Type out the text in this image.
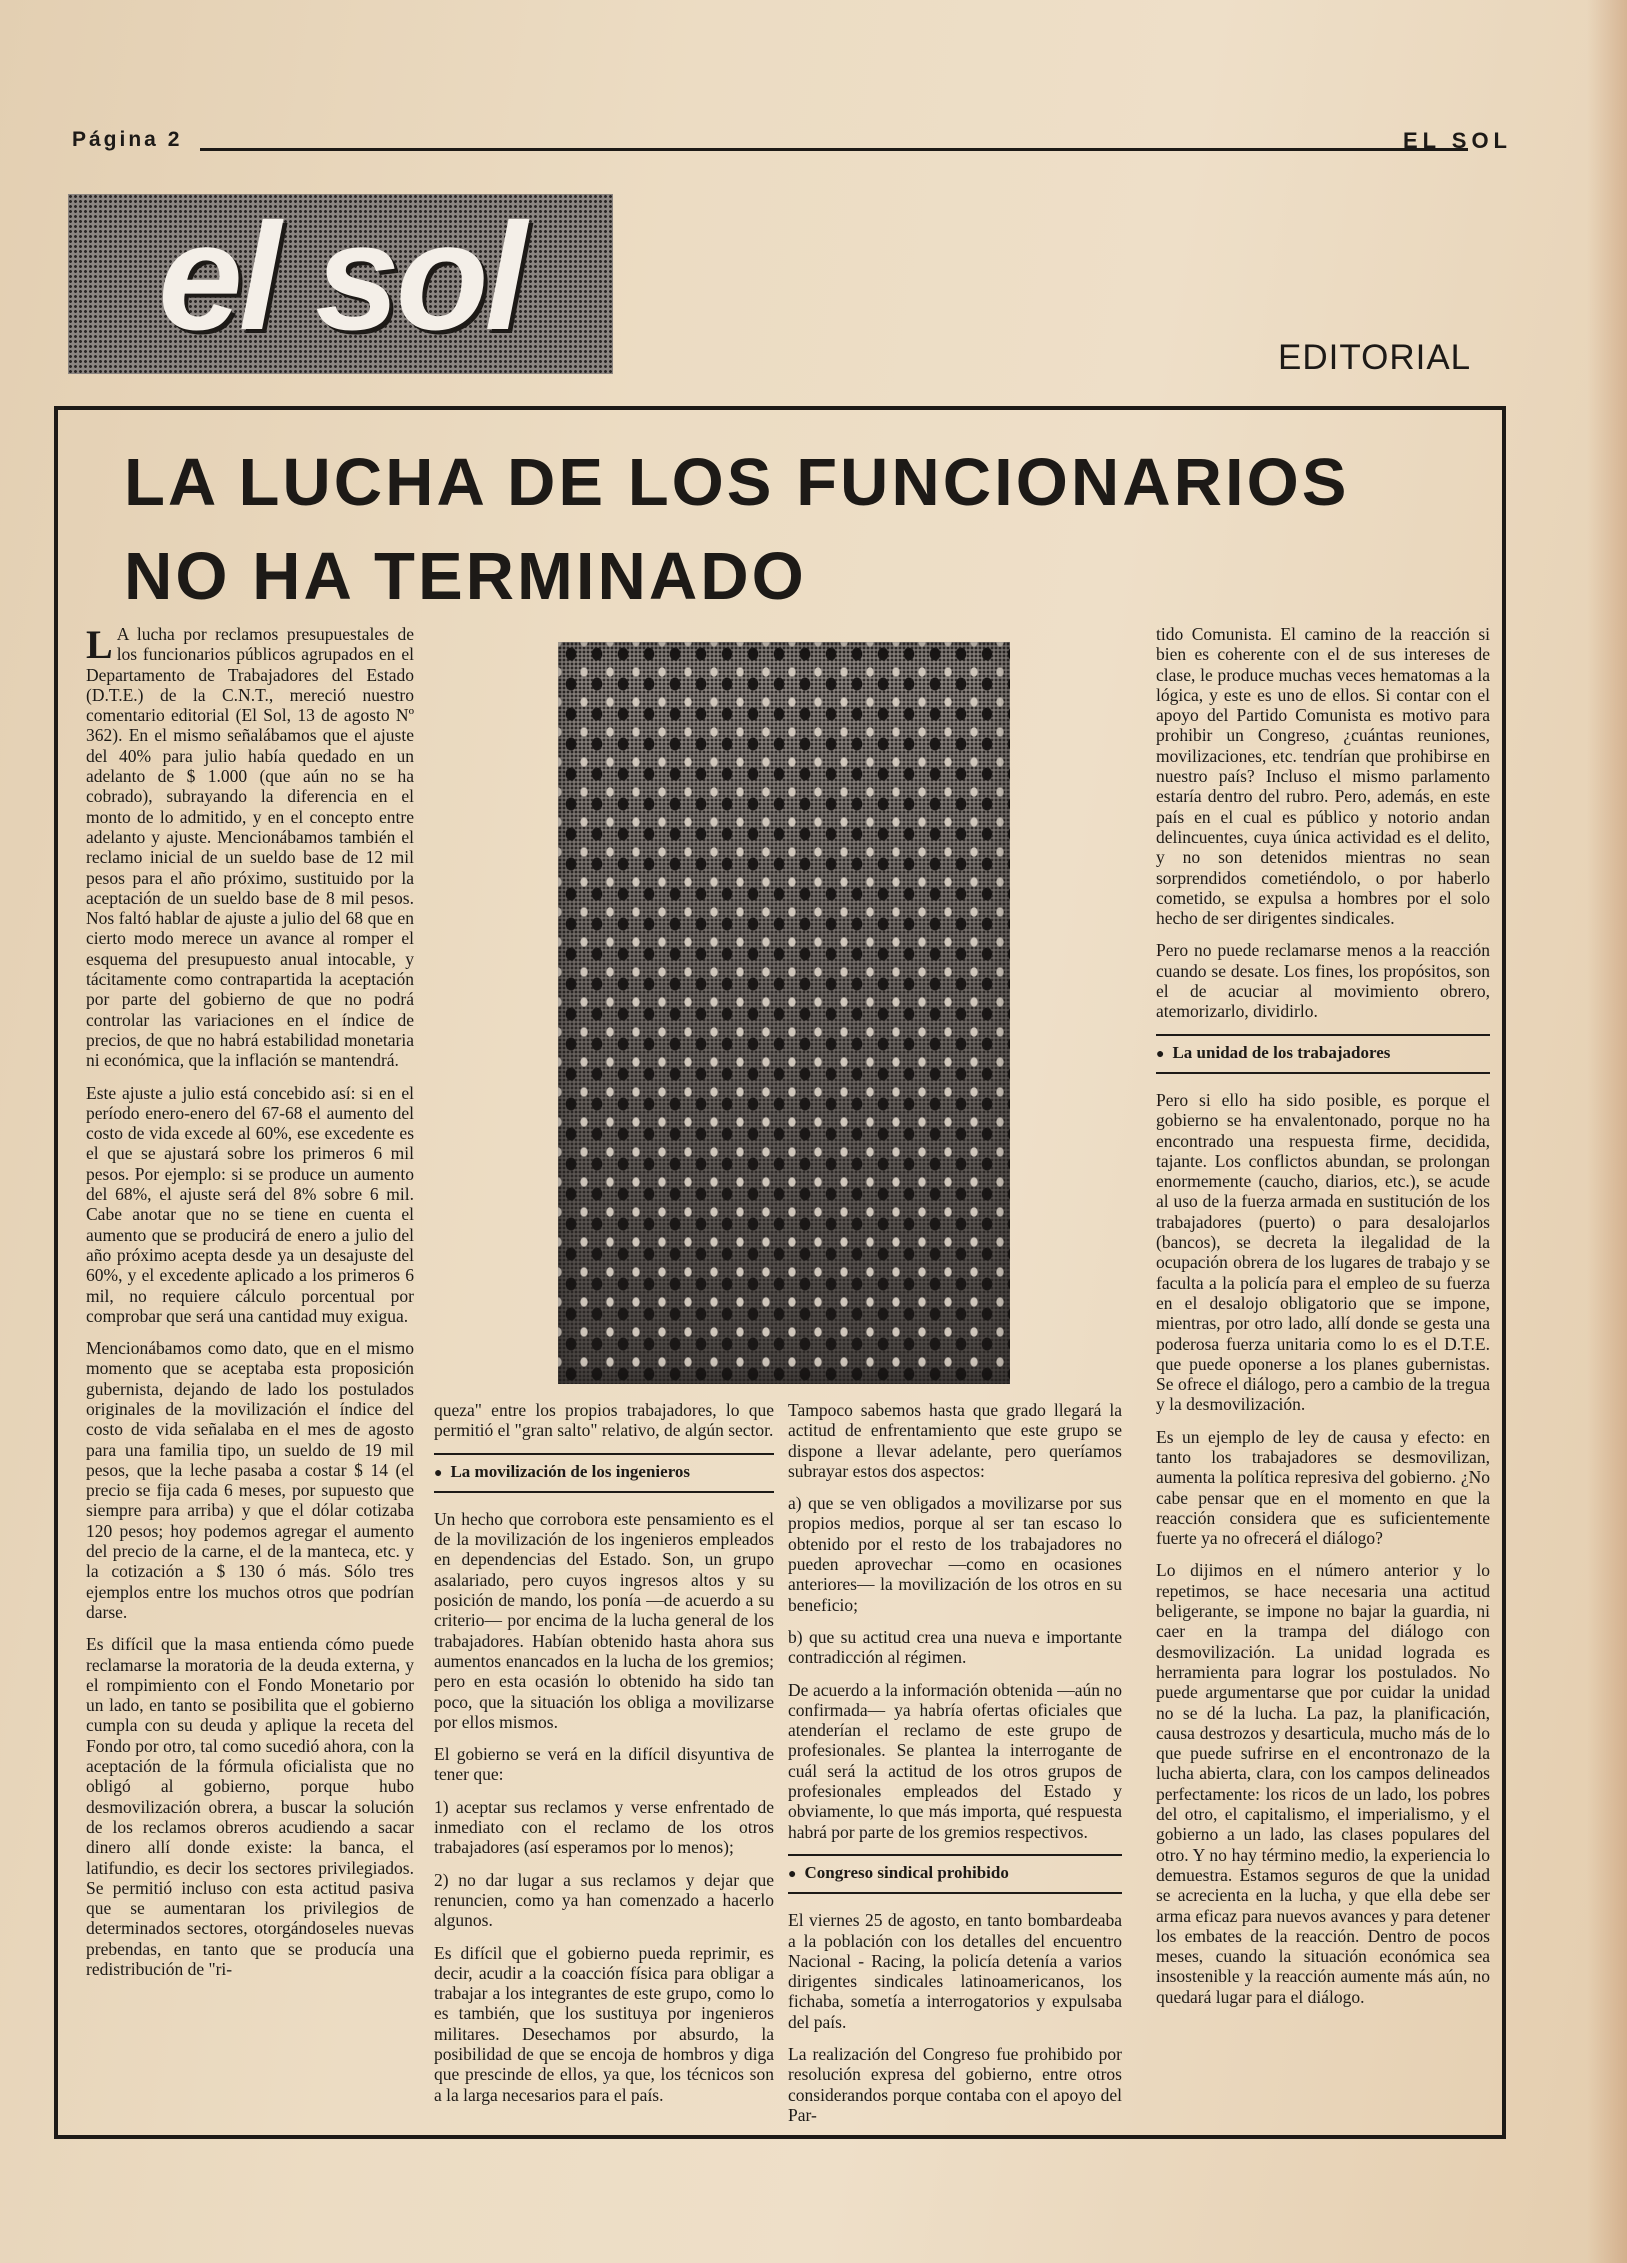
Página 2	EL SOL
el sol	EDITORIAL
LA LUCHA DE LOS FUNCIONARIOS
NO HA TERMINADO

L A lucha por reclamos presupuestales de los funcionarios públicos agrupados en el Departamento de Trabajadores del Estado (D.T.E.) de la C.N.T., mereció nuestro comentario editorial (El Sol, 13 de agosto Nº 362). En el mismo señalábamos que el ajuste del 40% para julio había quedado en un adelanto de $ 1.000 (que aún no se ha cobrado), subrayando la diferencia en el monto de lo admitido, y en el concepto entre adelanto y ajuste. Mencionábamos también el reclamo inicial de un sueldo base de 12 mil pesos para el año próximo, sustituido por la aceptación de un sueldo base de 8 mil pesos. Nos faltó hablar de ajuste a julio del 68 que en cierto modo merece un avance al romper el esquema del presupuesto anual intocable, y tácitamente como contrapartida la aceptación por parte del gobierno de que no podrá controlar las variaciones en el índice de precios, de que no habrá estabilidad monetaria ni económica, que la inflación se mantendrá.

Este ajuste a julio está concebido así: si en el período enero-enero del 67-68 el aumento del costo de vida excede al 60%, ese excedente es el que se ajustará sobre los primeros 6 mil pesos. Por ejemplo: si se produce un aumento del 68%, el ajuste será del 8% sobre 6 mil. Cabe anotar que no se tiene en cuenta el aumento que se producirá de enero a julio del año próximo acepta desde ya un desajuste del 60%, y el excedente aplicado a los primeros 6 mil, no requiere cálculo porcentual por comprobar que será una cantidad muy exigua.

Mencionábamos como dato, que en el mismo momento que se aceptaba esta proposición gubernista, dejando de lado los postulados originales de la movilización el índice del costo de vida señalaba en el mes de agosto para una familia tipo, un sueldo de 19 mil pesos, que la leche pasaba a costar $ 14 (el precio se fija cada 6 meses, por supuesto que siempre para arriba) y que el dólar cotizaba 120 pesos; hoy podemos agregar el aumento del precio de la carne, el de la manteca, etc. y la cotización a $ 130 ó más. Sólo tres ejemplos entre los muchos otros que podrían darse.

Es difícil que la masa entienda cómo puede reclamarse la moratoria de la deuda externa, y el rompimiento con el Fondo Monetario por un lado, en tanto se posibilita que el gobierno cumpla con su deuda y aplique la receta del Fondo por otro, tal como sucedió ahora, con la aceptación de la fórmula oficialista que no obligó al gobierno, porque hubo desmovilización obrera, a buscar la solución de los reclamos obreros acudiendo a sacar dinero allí donde existe: la banca, el latifundio, es decir los sectores privilegiados. Se permitió incluso con esta actitud pasiva que se aumentaran los privilegios de determinados sectores, otorgándoseles nuevas prebendas, en tanto que se producía una redistribución de "ri-

queza" entre los propios trabajadores, lo que permitió el "gran salto" relativo, de algún sector.

● La movilización de los ingenieros

Un hecho que corrobora este pensamiento es el de la movilización de los ingenieros empleados en dependencias del Estado. Son, un grupo asalariado, pero cuyos ingresos altos y su posición de mando, los ponía —de acuerdo a su criterio— por encima de la lucha general de los trabajadores. Habían obtenido hasta ahora sus aumentos enancados en la lucha de los gremios; pero en esta ocasión lo obtenido ha sido tan poco, que la situación los obliga a movilizarse por ellos mismos.

El gobierno se verá en la difícil disyuntiva de tener que:

1) aceptar sus reclamos y verse enfrentado de inmediato con el reclamo de los otros trabajadores (así esperamos por lo menos);

2) no dar lugar a sus reclamos y dejar que renuncien, como ya han comenzado a hacerlo algunos.

Es difícil que el gobierno pueda reprimir, es decir, acudir a la coacción física para obligar a trabajar a los integrantes de este grupo, como lo es también, que los sustituya por ingenieros militares. Desechamos por absurdo, la posibilidad de que se encoja de hombros y diga que prescinde de ellos, ya que, los técnicos son a la larga necesarios para el país.

Tampoco sabemos hasta que grado llegará la actitud de enfrentamiento que este grupo se dispone a llevar adelante, pero queríamos subrayar estos dos aspectos:

a) que se ven obligados a movilizarse por sus propios medios, porque al ser tan escaso lo obtenido por el resto de los trabajadores no pueden aprovechar —como en ocasiones anteriores— la movilización de los otros en su beneficio;

b) que su actitud crea una nueva e importante contradicción al régimen.

De acuerdo a la información obtenida —aún no confirmada— ya habría ofertas oficiales que atenderían el reclamo de este grupo de profesionales. Se plantea la interrogante de cuál será la actitud de los otros grupos de profesionales empleados del Estado y obviamente, lo que más importa, qué respuesta habrá por parte de los gremios respectivos.

● Congreso sindical prohibido

El viernes 25 de agosto, en tanto bombardeaba a la población con los detalles del encuentro Nacional - Racing, la policía detenía a varios dirigentes sindicales latinoamericanos, los fichaba, sometía a interrogatorios y expulsaba del país.

La realización del Congreso fue prohibido por resolución expresa del gobierno, entre otros considerandos porque contaba con el apoyo del Par-

tido Comunista. El camino de la reacción si bien es coherente con el de sus intereses de clase, le produce muchas veces hematomas a la lógica, y este es uno de ellos. Si contar con el apoyo del Partido Comunista es motivo para prohibir un Congreso, ¿cuántas reuniones, movilizaciones, etc. tendrían que prohibirse en nuestro país? Incluso el mismo parlamento estaría dentro del rubro. Pero, además, en este país en el cual es público y notorio andan delincuentes, cuya única actividad es el delito, y no son detenidos mientras no sean sorprendidos cometiéndolo, o por haberlo cometido, se expulsa a hombres por el solo hecho de ser dirigentes sindicales.

Pero no puede reclamarse menos a la reacción cuando se desate. Los fines, los propósitos, son el de acuciar al movimiento obrero, atemorizarlo, dividirlo.

● La unidad de los trabajadores

Pero si ello ha sido posible, es porque el gobierno se ha envalentonado, porque no ha encontrado una respuesta firme, decidida, tajante. Los conflictos abundan, se prolongan enormemente (caucho, diarios, etc.), se acude al uso de la fuerza armada en sustitución de los trabajadores (puerto) o para desalojarlos (bancos), se decreta la ilegalidad de la ocupación obrera de los lugares de trabajo y se faculta a la policía para el empleo de su fuerza en el desalojo obligatorio que se impone, mientras, por otro lado, allí donde se gesta una poderosa fuerza unitaria como lo es el D.T.E. que puede oponerse a los planes gubernistas. Se ofrece el diálogo, pero a cambio de la tregua y la desmovilización.

Es un ejemplo de ley de causa y efecto: en tanto los trabajadores se desmovilizan, aumenta la política represiva del gobierno. ¿No cabe pensar que en el momento en que la reacción considera que es suficientemente fuerte ya no ofrecerá el diálogo?

Lo dijimos en el número anterior y lo repetimos, se hace necesaria una actitud beligerante, se impone no bajar la guardia, ni caer en la trampa del diálogo con desmovilización. La unidad lograda es herramienta para lograr los postulados. No puede argumentarse que por cuidar la unidad no se dé la lucha. La paz, la planificación, causa destrozos y desarticula, mucho más de lo que puede sufrirse en el encontronazo de la lucha abierta, clara, con los campos delineados perfectamente: los ricos de un lado, los pobres del otro, el capitalismo, el imperialismo, y el gobierno a un lado, las clases populares del otro. Y no hay término medio, la experiencia lo demuestra. Estamos seguros de que la unidad se acrecienta en la lucha, y que ella debe ser arma eficaz para nuevos avances y para detener los embates de la reacción. Dentro de pocos meses, cuando la situación económica sea insostenible y la reacción aumente más aún, no quedará lugar para el diálogo.
